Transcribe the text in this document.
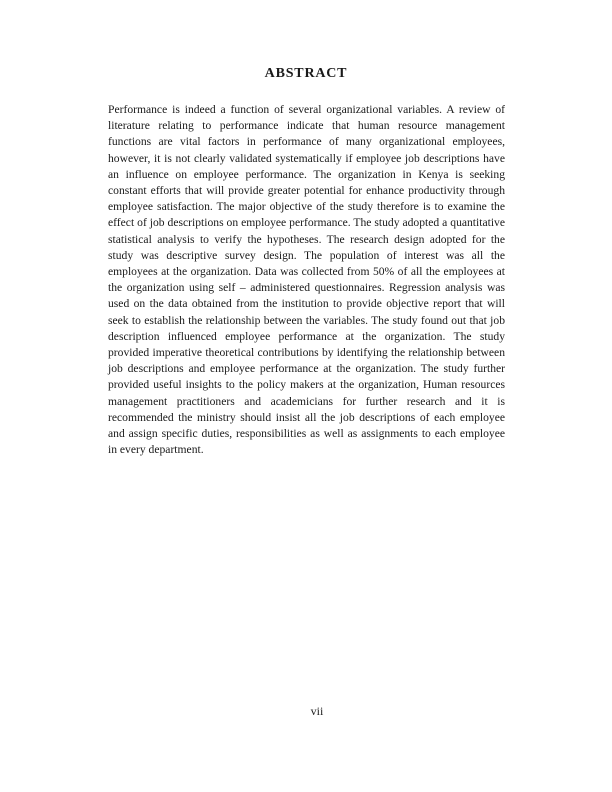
ABSTRACT

Performance is indeed a function of several organizational variables. A review of literature relating to performance indicate that human resource management functions are vital factors in performance of many organizational employees, however, it is not clearly validated systematically if employee job descriptions have an influence on employee performance. The organization in Kenya is seeking constant efforts that will provide greater potential for enhance productivity through employee satisfaction. The major objective of the study therefore is to examine the effect of job descriptions on employee performance. The study adopted a quantitative statistical analysis to verify the hypotheses. The research design adopted for the study was descriptive survey design. The population of interest was all the employees at the organization. Data was collected from 50% of all the employees at the organization using self – administered questionnaires. Regression analysis was used on the data obtained from the institution to provide objective report that will seek to establish the relationship between the variables. The study found out that job description influenced employee performance at the organization. The study provided imperative theoretical contributions by identifying the relationship between job descriptions and employee performance at the organization. The study further provided useful insights to the policy makers at the organization, Human resources management practitioners and academicians for further research and it is recommended the ministry should insist all the job descriptions of each employee and assign specific duties, responsibilities as well as assignments to each employee in every department.

vii
